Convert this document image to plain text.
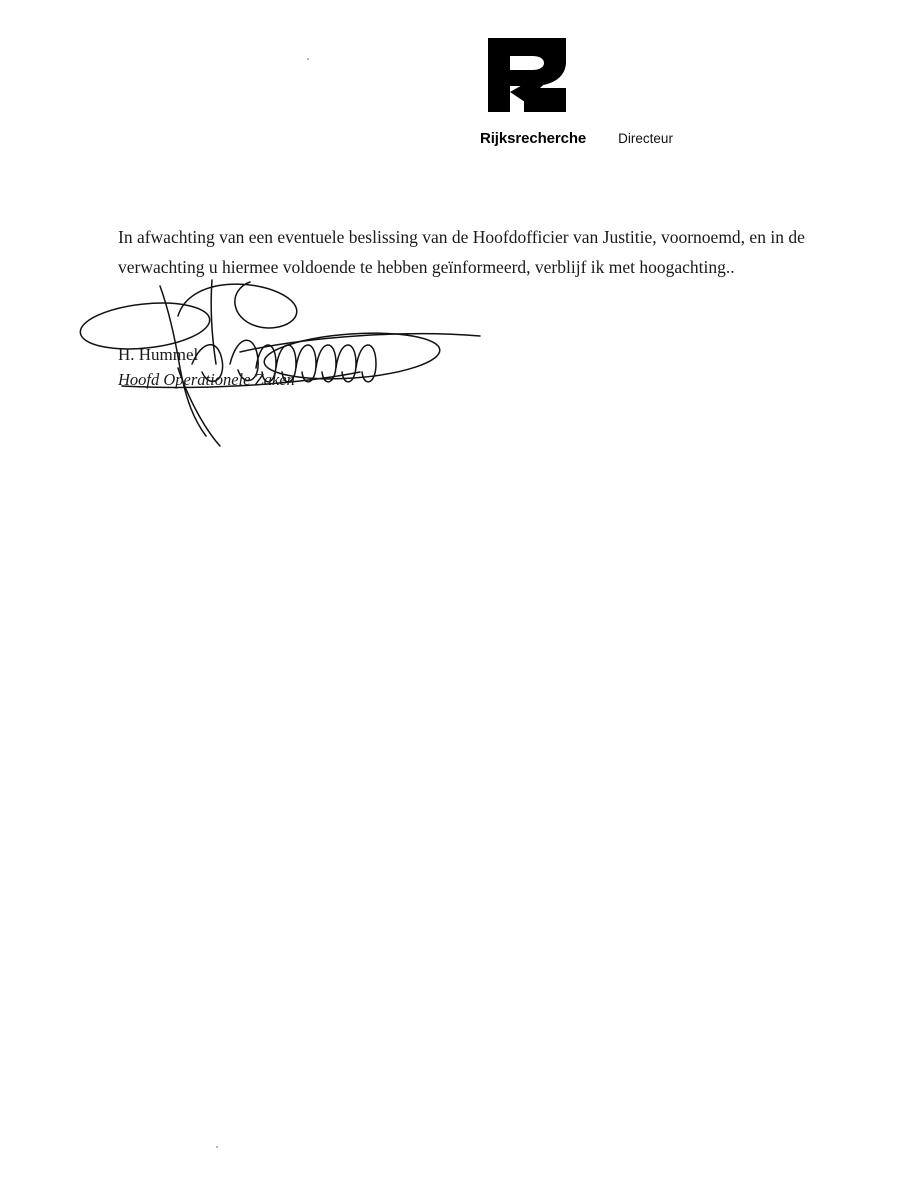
Rijksrecherche Directeur

In afwachting van een eventuele beslissing van de Hoofdofficier van Justitie, voornoemd, en in de verwachting u hiermee voldoende te hebben geïnformeerd, verblijf ik met hoogachting..

H. Hummel
Hoofd Operationele Zaken
